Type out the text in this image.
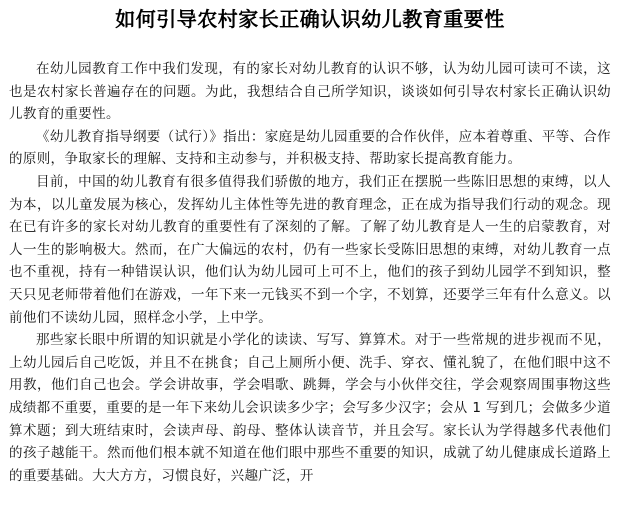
如何引导农村家长正确认识幼儿教育重要性

在幼儿园教育工作中我们发现，有的家长对幼儿教育的认识不够，认为幼儿园可读可不读，这也是农村家长普遍存在的问题。为此，我想结合自己所学知识，谈谈如何引导农村家长正确认识幼儿教育的重要性。

《幼儿教育指导纲要（试行）》指出：家庭是幼儿园重要的合作伙伴，应本着尊重、平等、合作的原则，争取家长的理解、支持和主动参与，并积极支持、帮助家长提高教育能力。

目前，中国的幼儿教育有很多值得我们骄傲的地方，我们正在摆脱一些陈旧思想的束缚，以人为本，以儿童发展为核心，发挥幼儿主体性等先进的教育理念，正在成为指导我们行动的观念。现在已有许多的家长对幼儿教育的重要性有了深刻的了解。了解了幼儿教育是人一生的启蒙教育，对人一生的影响极大。然而，在广大偏远的农村，仍有一些家长受陈旧思想的束缚，对幼儿教育一点也不重视，持有一种错误认识，他们认为幼儿园可上可不上，他们的孩子到幼儿园学不到知识，整天只见老师带着他们在游戏，一年下来一元钱买不到一个字，不划算，还要学三年有什么意义。以前他们不读幼儿园，照样念小学，上中学。

那些家长眼中所谓的知识就是小学化的读读、写写、算算术。对于一些常规的进步视而不见，上幼儿园后自己吃饭，并且不在挑食；自己上厕所小便、洗手、穿衣、懂礼貌了，在他们眼中这不用教，他们自己也会。学会讲故事，学会唱歌、跳舞，学会与小伙伴交往，学会观察周围事物这些成绩都不重要，重要的是一年下来幼儿会识读多少字；会写多少汉字；会从 1 写到几；会做多少道算术题；到大班结束时，会读声母、韵母、整体认读音节，并且会写。家长认为学得越多代表他们的孩子越能干。然而他们根本就不知道在他们眼中那些不重要的知识，成就了幼儿健康成长道路上的重要基础。大大方方，习惯良好，兴趣广泛，开
